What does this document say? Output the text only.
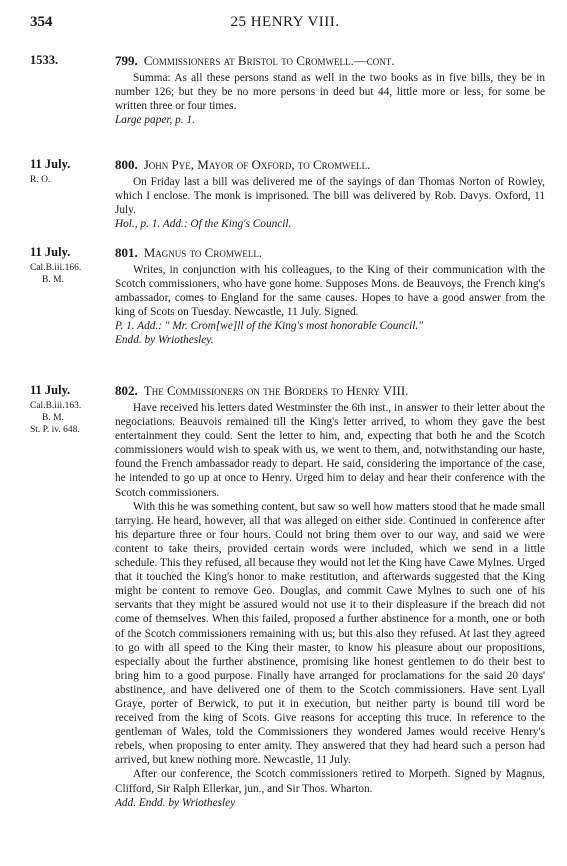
354	25 HENRY VIII.
1533.	799. Commissioners at Bristol to Cromwell.—cont.

Summa: As all these persons stand as well in the two books as in five bills, they be in number 126; but they be no more persons in deed but 44, little more or less, for some be written three or four times.

Large paper, p. 1.

11 July.
R. O.
800. John Pye, Mayor of Oxford, to Cromwell.

On Friday last a bill was delivered me of the sayings of dan Thomas Norton of Rowley, which I enclose. The monk is imprisoned. The bill was delivered by Rob. Davys. Oxford, 11 July.

Hol., p. 1. Add.: Of the King's Council.

11 July.
Cal.B.iii.166.
B. M.
801. Magnus to Cromwell.

Writes, in conjunction with his colleagues, to the King of their communication with the Scotch commissioners, who have gone home. Supposes Mons. de Beauvoys, the French king's ambassador, comes to England for the same causes. Hopes to have a good answer from the king of Scots on Tuesday. Newcastle, 11 July. Signed.

P. 1. Add.: " Mr. Crom[we]ll of the King's most honorable Council."

Endd. by Wriothesley.

11 July.
Cal.B.iii.163.
B. M.
St. P. iv. 648.
802. The Commissioners on the Borders to Henry VIII.

Have received his letters dated Westminster the 6th inst., in answer to their letter about the negociations. Beauvois remained till the King's letter arrived, to whom they gave the best entertainment they could. Sent the letter to him, and, expecting that both he and the Scotch commissioners would wish to speak with us, we went to them, and, notwithstanding our haste, found the French ambassador ready to depart. He said, considering the importance of the case, he intended to go up at once to Henry. Urged him to delay and hear their conference with the Scotch commissioners.

With this he was something content, but saw so well how matters stood that he made small tarrying. He heard, however, all that was alleged on either side. Continued in conference after his departure three or four hours. Could not bring them over to our way, and said we were content to take theirs, provided certain words were included, which we send in a little schedule. This they refused, all because they would not let the King have Cawe Mylnes. Urged that it touched the King's honor to make restitution, and afterwards suggested that the King might be content to remove Geo. Douglas, and commit Cawe Mylnes to such one of his servants that they might be assured would not use it to their displeasure if the breach did not come of themselves. When this failed, proposed a further abstinence for a month, one or both of the Scotch commissioners remaining with us; but this also they refused. At last they agreed to go with all speed to the King their master, to know his pleasure about our propositions, especially about the further abstinence, promising like honest gentlemen to do their best to bring him to a good purpose. Finally have arranged for proclamations for the said 20 days' abstinence, and have delivered one of them to the Scotch commissioners. Have sent Lyall Graye, porter of Berwick, to put it in execution, but neither party is bound till word be received from the king of Scots. Give reasons for accepting this truce. In reference to the gentleman of Wales, told the Commissioners they wondered James would receive Henry's rebels, when proposing to enter amity. They answered that they had heard such a person had arrived, but knew nothing more. Newcastle, 11 July.

After our conference, the Scotch commissioners retired to Morpeth. Signed by Magnus, Clifford, Sir Ralph Ellerkar, jun., and Sir Thos. Wharton.

Add. Endd. by Wriothesley
